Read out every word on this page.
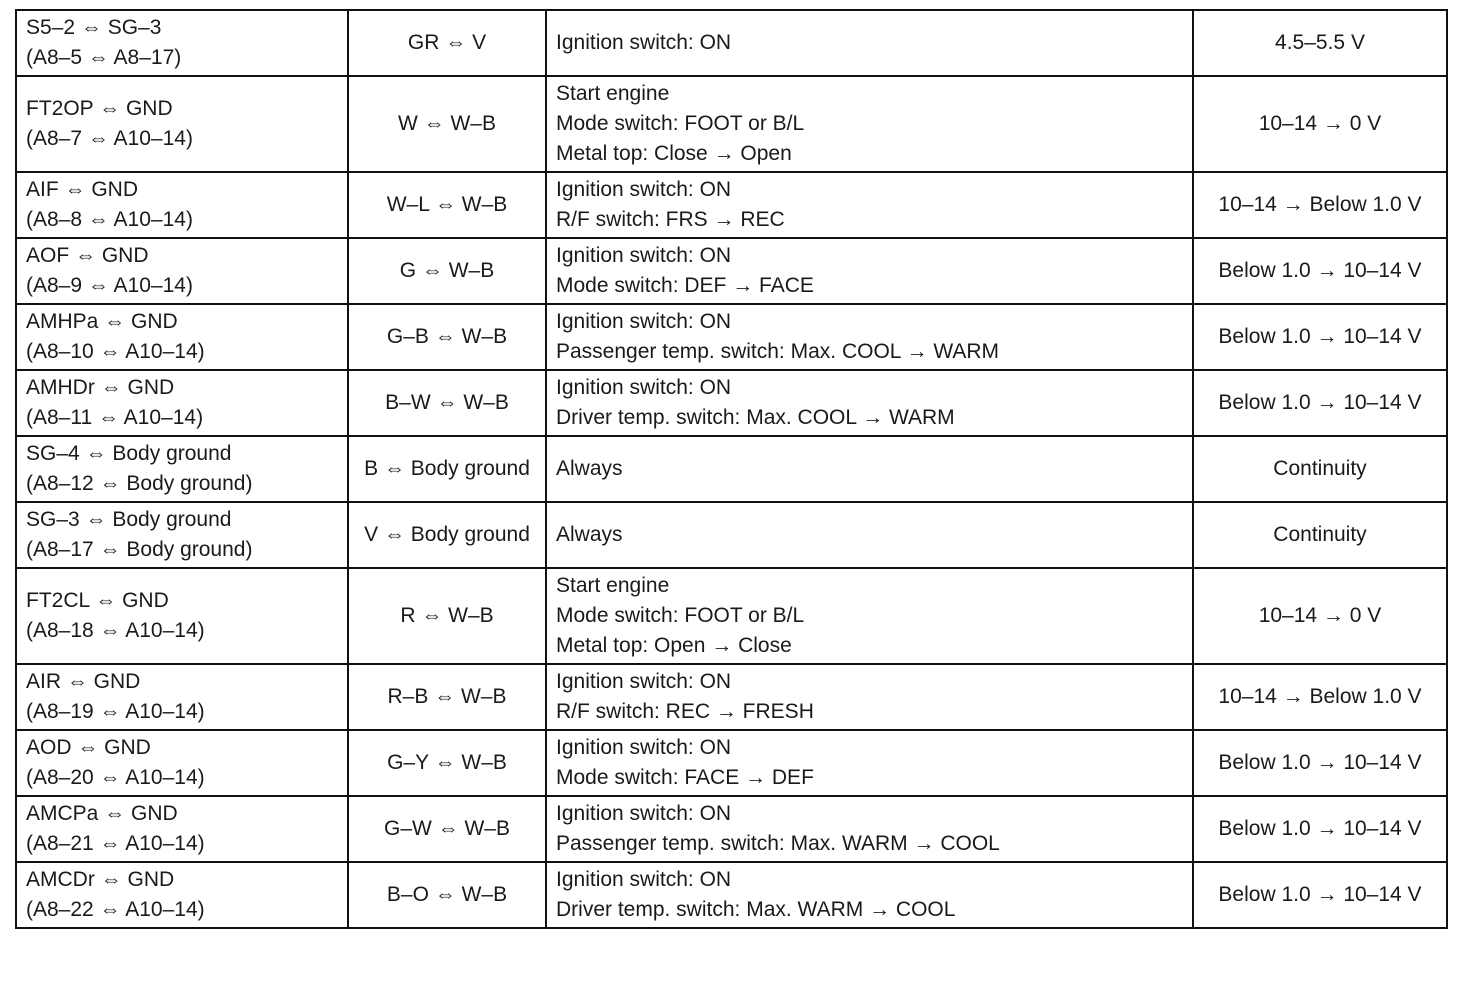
S5–2 ⇔ SG–3
(A8–5 ⇔ A8–17)	GR ⇔ V	Ignition switch: ON	4.5–5.5 V

FT2OP ⇔ GND
(A8–7 ⇔ A10–14)	W ⇔ W–B	Start engine
Mode switch: FOOT or B/L
Metal top: Close → Open	10–14 → 0 V

AIF ⇔ GND
(A8–8 ⇔ A10–14)	W–L ⇔ W–B	Ignition switch: ON
R/F switch: FRS → REC	10–14 → Below 1.0 V

AOF ⇔ GND
(A8–9 ⇔ A10–14)	G ⇔ W–B	Ignition switch: ON
Mode switch: DEF → FACE	Below 1.0 → 10–14 V

AMHPa ⇔ GND
(A8–10 ⇔ A10–14)	G–B ⇔ W–B	Ignition switch: ON
Passenger temp. switch: Max. COOL → WARM	Below 1.0 → 10–14 V

AMHDr ⇔ GND
(A8–11 ⇔ A10–14)	B–W ⇔ W–B	Ignition switch: ON
Driver temp. switch: Max. COOL → WARM	Below 1.0 → 10–14 V

SG–4 ⇔ Body ground
(A8–12 ⇔ Body ground)	B ⇔ Body ground	Always	Continuity

SG–3 ⇔ Body ground
(A8–17 ⇔ Body ground)	V ⇔ Body ground	Always	Continuity

FT2CL ⇔ GND
(A8–18 ⇔ A10–14)	R ⇔ W–B	Start engine
Mode switch: FOOT or B/L
Metal top: Open → Close	10–14 → 0 V

AIR ⇔ GND
(A8–19 ⇔ A10–14)	R–B ⇔ W–B	Ignition switch: ON
R/F switch: REC → FRESH	10–14 → Below 1.0 V

AOD ⇔ GND
(A8–20 ⇔ A10–14)	G–Y ⇔ W–B	Ignition switch: ON
Mode switch: FACE → DEF	Below 1.0 → 10–14 V

AMCPa ⇔ GND
(A8–21 ⇔ A10–14)	G–W ⇔ W–B	Ignition switch: ON
Passenger temp. switch: Max. WARM → COOL	Below 1.0 → 10–14 V

AMCDr ⇔ GND
(A8–22 ⇔ A10–14)	B–O ⇔ W–B	Ignition switch: ON
Driver temp. switch: Max. WARM → COOL	Below 1.0 → 10–14 V
